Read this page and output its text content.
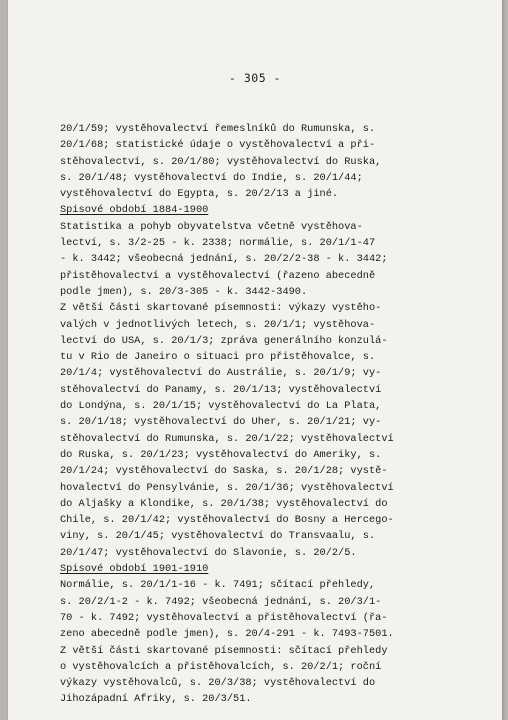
- 305 -
20/1/59; vystěhovalectví řemeslníků do Rumunska, s.
20/1/68; statistické údaje o vystěhovalectví a při-
stěhovalectví, s. 20/1/80; vystěhovalectví do Ruska,
s. 20/1/48; vystěhovalectví do Indie, s. 20/1/44;
vystěhovalectví do Egypta, s. 20/2/13 a jiné.
Spisové období 1884-1900
Statistika a pohyb obyvatelstva včetně vystěhova-
lectví, s. 3/2-25 - k. 2338; normálie, s. 20/1/1-47
- k. 3442; všeobecná jednání, s. 20/2/2-38 - k. 3442;
přistěhovalectví a vystěhovalectví (řazeno abecedně
podle jmen), s. 20/3-305 - k. 3442-3490.
Z větší části skartované písemnosti: výkazy vystěho-
valých v jednotlivých letech, s. 20/1/1; vystěhova-
lectví do USA, s. 20/1/3; zpráva generálního konzulá-
tu v Rio de Janeiro o situaci pro přistěhovalce, s.
20/1/4; vystěhovalectví do Austrálie, s. 20/1/9; vy-
stěhovalectví do Panamy, s. 20/1/13; vystěhovalectví
do Londýna, s. 20/1/15; vystěhovalectví do La Plata,
s. 20/1/18; vystěhovalectví do Uher, s. 20/1/21; vy-
stěhovalectví do Rumunska, s. 20/1/22; vystěhovalectví
do Ruska, s. 20/1/23; vystěhovalectví do Ameriky, s.
20/1/24; vystěhovalectví do Saska, s. 20/1/28; vystě-
hovalectví do Pensylvánie, s. 20/1/36; vystěhovalectví
do Aljašky a Klondike, s. 20/1/38; vystěhovalectví do
Chile, s. 20/1/42; vystěhovalectví do Bosny a Hercego-
viny, s. 20/1/45; vystěhovalectví do Transvaalu, s.
20/1/47; vystěhovalectví do Slavonie, s. 20/2/5.
Spisové období 1901-1910
Normálie, s. 20/1/1-16 - k. 7491; sčítací přehledy,
s. 20/2/1-2 - k. 7492; všeobecná jednání, s. 20/3/1-
70 - k. 7492; vystěhovalectví a přistěhovalectví (řa-
zeno abecedně podle jmen), s. 20/4-291 - k. 7493-7501.
Z větší části skartované písemnosti: sčítací přehledy
o vystěhovalcích a přistěhovalcích, s. 20/2/1; roční
výkazy vystěhovalců, s. 20/3/38; vystěhovalectví do
Jihozápadní Afriky, s. 20/3/51.
